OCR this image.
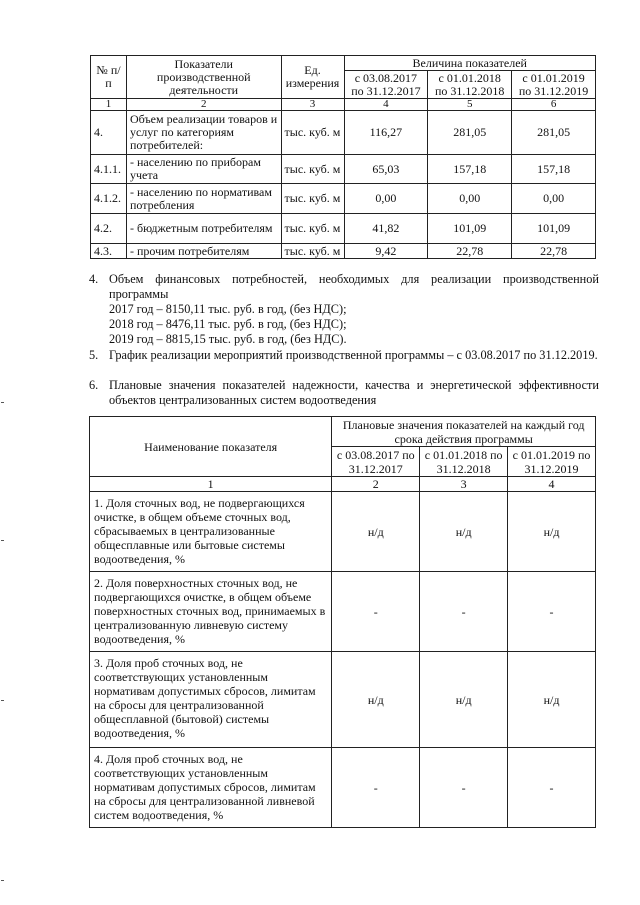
№ п/п	Показатели производственной деятельности	Ед. измерения	Величина показателей		
			с 03.08.2017 по 31.12.2017	с 01.01.2018 по 31.12.2018	с 01.01.2019 по 31.12.2019
1	2	3	4	5	6
4.	Объем реализации товаров и услуг по категориям потребителей:	тыс. куб. м	116,27	281,05	281,05
4.1.1.	- населению по приборам учета	тыс. куб. м	65,03	157,18	157,18
4.1.2.	- населению по нормативам потребления	тыс. куб. м	0,00	0,00	0,00
4.2.	- бюджетным потребителям	тыс. куб. м	41,82	101,09	101,09
4.3.	- прочим потребителям	тыс. куб. м	9,42	22,78	22,78
4. Объем финансовых потребностей, необходимых для реализации производственной программы
2017 год – 8150,11 тыс. руб. в год, (без НДС);
2018 год – 8476,11 тыс. руб. в год, (без НДС);
2019 год – 8815,15 тыс. руб. в год, (без НДС).
5. График реализации мероприятий производственной программы – с 03.08.2017 по 31.12.2019.
6. Плановые значения показателей надежности, качества и энергетической эффективности объектов централизованных систем водоотведения
Наименование показателя	Плановые значения показателей на каждый год срока действия программы		
	с 03.08.2017 по 31.12.2017	с 01.01.2018 по 31.12.2018	с 01.01.2019 по 31.12.2019
1	2	3	4
1. Доля сточных вод, не подвергающихся очистке, в общем объеме сточных вод, сбрасываемых в централизованные общесплавные или бытовые системы водоотведения, %	н/д	н/д	н/д
2. Доля поверхностных сточных вод, не подвергающихся очистке, в общем объеме поверхностных сточных вод, принимаемых в централизованную ливневую систему водоотведения, %	-	-	-
3. Доля проб сточных вод, не соответствующих установленным нормативам допустимых сбросов, лимитам на сбросы для централизованной общесплавной (бытовой) системы водоотведения, %	н/д	н/д	н/д
4. Доля проб сточных вод, не соответствующих установленным нормативам допустимых сбросов, лимитам на сбросы для централизованной ливневой систем водоотведения, %	-	-	-
